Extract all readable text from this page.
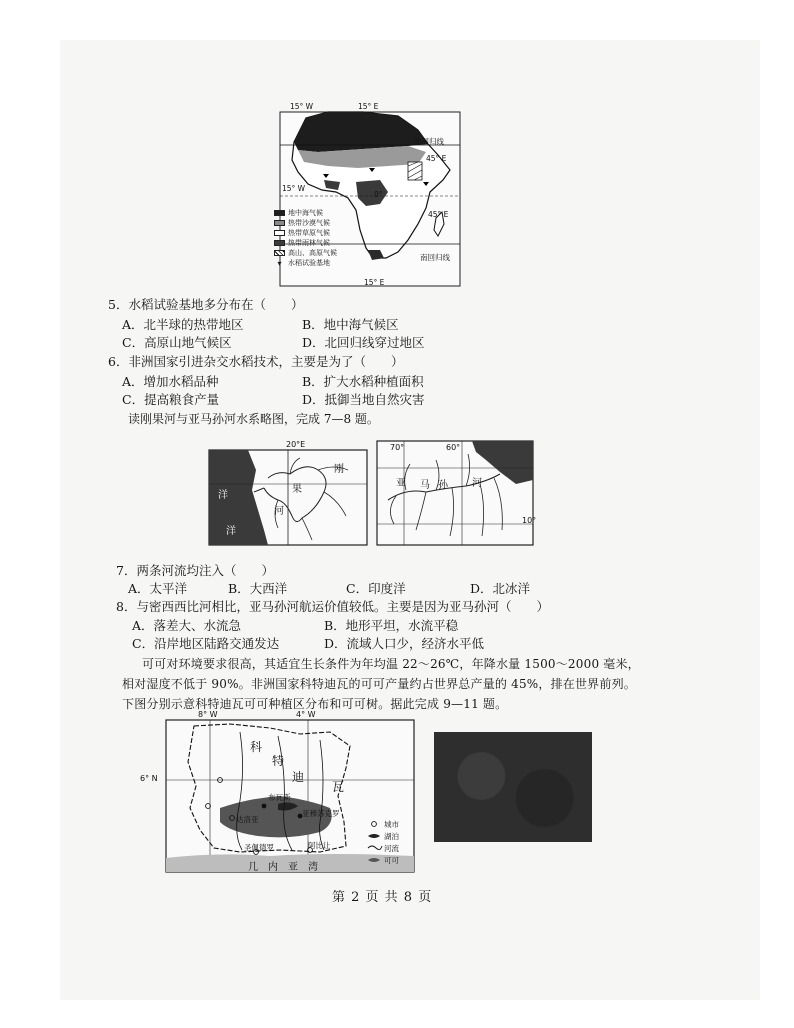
15° W	15° E
北回归线
45° E
15° W
0°
45° E
南回归线
15° E
地中海气候
热带沙漠气候
热带草原气候
热带雨林气候
高山、高原气候
▾ 水稻试验基地
5．水稻试验基地多分布在（　　）
A．北半球的热带地区	B．地中海气候区
C．高原山地气候区	D．北回归线穿过地区
6．非洲国家引进杂交水稻技术，主要是为了（　　）
A．增加水稻品种	B．扩大水稻种植面积
C．提高粮食产量	D．抵御当地自然灾害
读刚果河与亚马孙河水系略图，完成 7—8 题。
20°E
洋
刚
果
河
洋
70°	60°
10°
亚 马 孙 河
7．两条河流均注入（　　）
A．太平洋	B．大西洋	C．印度洋	D．北冰洋
8．与密西西比河相比，亚马孙河航运价值较低。主要是因为亚马孙河（　　）
A．落差大、水流急	B．地形平坦，水流平稳
C．沿岸地区陆路交通发达	D．流域人口少，经济水平低
可可对环境要求很高，其适宜生长条件为年均温 22～26℃，年降水量 1500～2000 毫米，
相对湿度不低于 90%。非洲国家科特迪瓦的可可产量约占世界总产量的 45%，排在世界前列。
下图分别示意科特迪瓦可可种植区分布和可可树。据此完成 9—11 题。
8° W	4° W
6° N
科
特
迪
瓦
布瓦斯
亚穆苏克罗
达洛亚
阿比让
圣佩德罗
几　内　亚　湾
城市
湖泊
河流
可可
第 2 页 共 8 页
